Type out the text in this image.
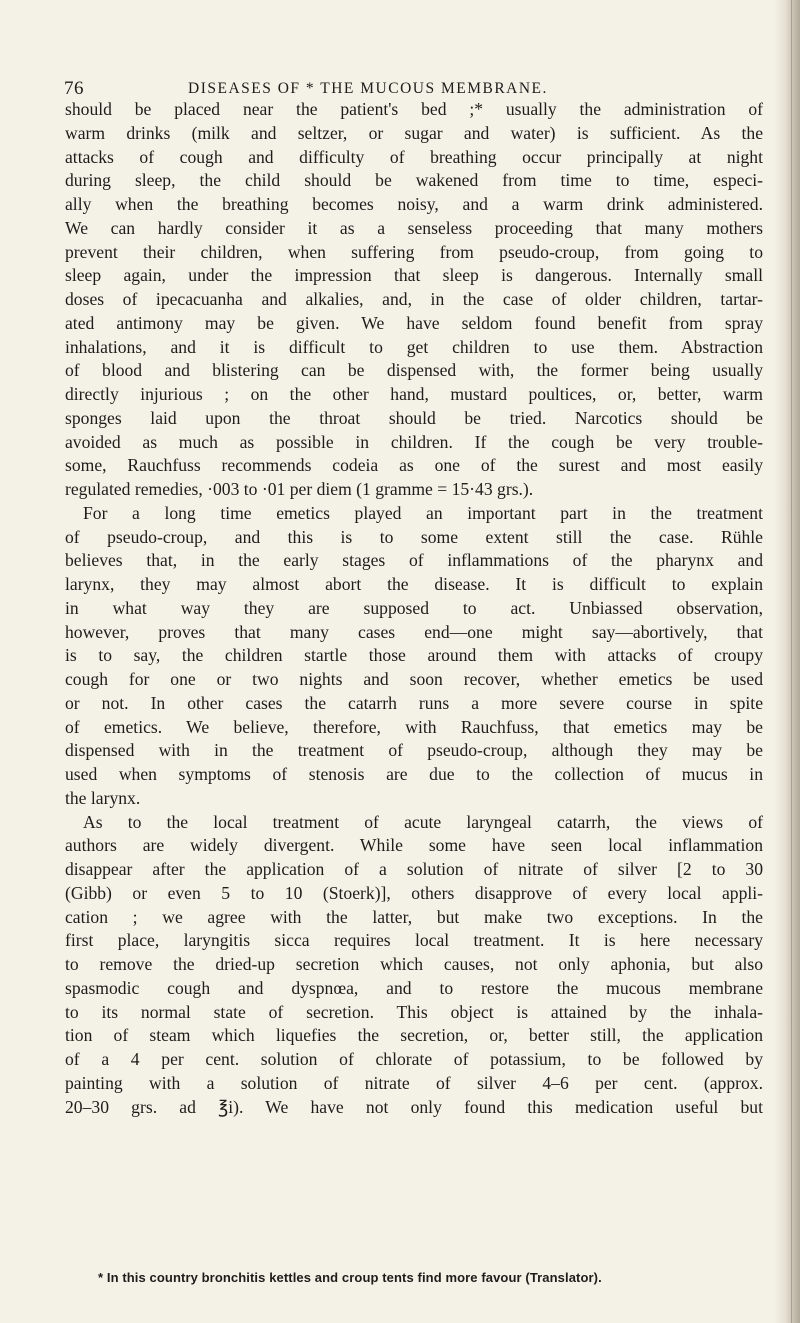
76	DISEASES OF * THE MUCOUS MEMBRANE.

should be placed near the patient's bed ;* usually the administration of
warm drinks (milk and seltzer, or sugar and water) is sufficient. As the
attacks of cough and difficulty of breathing occur principally at night
during sleep, the child should be wakened from time to time, especi-
ally when the breathing becomes noisy, and a warm drink administered.
We can hardly consider it as a senseless proceeding that many mothers
prevent their children, when suffering from pseudo-croup, from going to
sleep again, under the impression that sleep is dangerous. Internally small
doses of ipecacuanha and alkalies, and, in the case of older children, tartar-
ated antimony may be given. We have seldom found benefit from spray
inhalations, and it is difficult to get children to use them. Abstraction
of blood and blistering can be dispensed with, the former being usually
directly injurious ; on the other hand, mustard poultices, or, better, warm
sponges laid upon the throat should be tried. Narcotics should be
avoided as much as possible in children. If the cough be very trouble-
some, Rauchfuss recommends codeia as one of the surest and most easily
regulated remedies, ·003 to ·01 per diem (1 gramme = 15·43 grs.).

For a long time emetics played an important part in the treatment
of pseudo-croup, and this is to some extent still the case. Rühle
believes that, in the early stages of inflammations of the pharynx and
larynx, they may almost abort the disease. It is difficult to explain
in what way they are supposed to act. Unbiassed observation,
however, proves that many cases end—one might say—abortively, that
is to say, the children startle those around them with attacks of croupy
cough for one or two nights and soon recover, whether emetics be used
or not. In other cases the catarrh runs a more severe course in spite
of emetics. We believe, therefore, with Rauchfuss, that emetics may be
dispensed with in the treatment of pseudo-croup, although they may be
used when symptoms of stenosis are due to the collection of mucus in
the larynx.

As to the local treatment of acute laryngeal catarrh, the views of
authors are widely divergent. While some have seen local inflammation
disappear after the application of a solution of nitrate of silver [2 to 30
(Gibb) or even 5 to 10 (Stoerk)], others disapprove of every local appli-
cation ; we agree with the latter, but make two exceptions. In the
first place, laryngitis sicca requires local treatment. It is here necessary
to remove the dried-up secretion which causes, not only aphonia, but also
spasmodic cough and dyspnœa, and to restore the mucous membrane
to its normal state of secretion. This object is attained by the inhala-
tion of steam which liquefies the secretion, or, better still, the application
of a 4 per cent. solution of chlorate of potassium, to be followed by
painting with a solution of nitrate of silver 4–6 per cent. (approx.
20–30 grs. ad ℥i). We have not only found this medication useful but

* In this country bronchitis kettles and croup tents find more favour (Translator).
